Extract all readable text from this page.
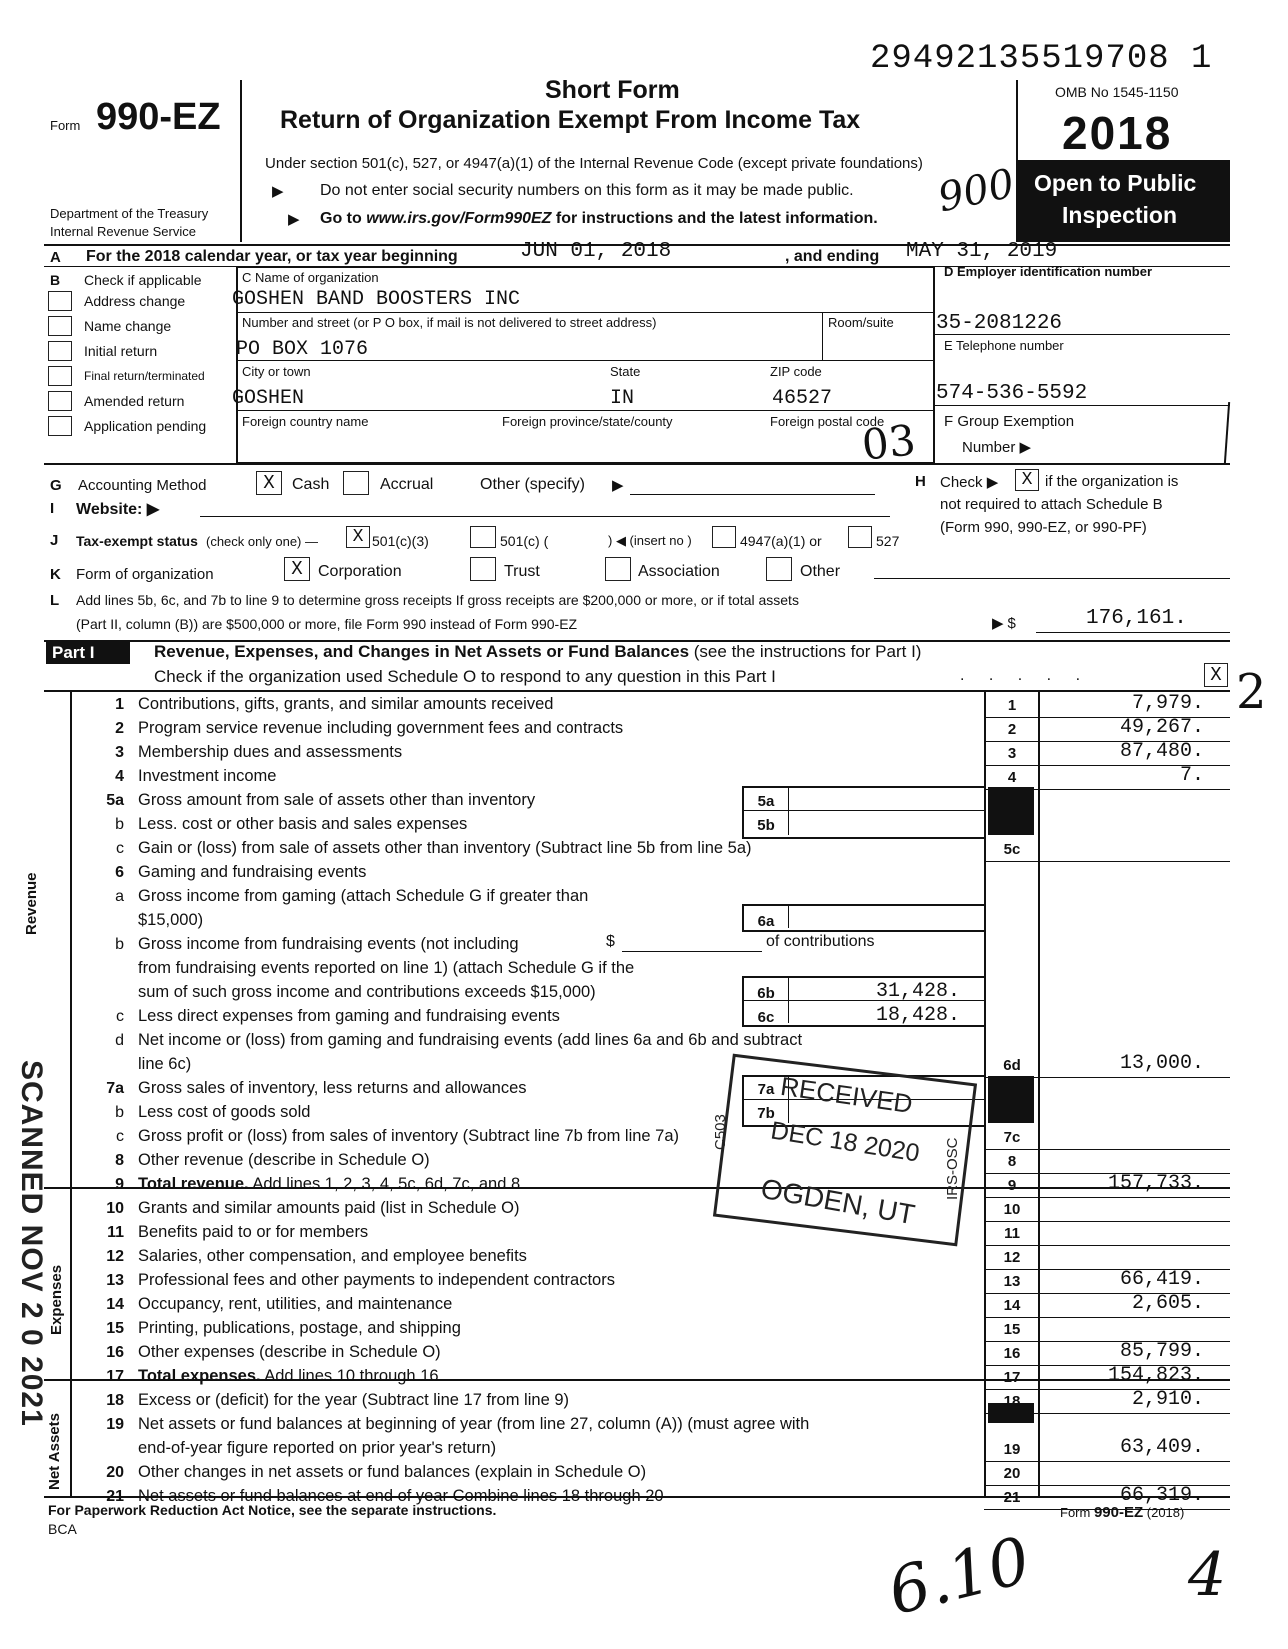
29492135519708 1
Form 990-EZ
Department of the Treasury
Internal Revenue Service
Short Form
Return of Organization Exempt From Income Tax
Under section 501(c), 527, or 4947(a)(1) of the Internal Revenue Code (except private foundations)
▶ Do not enter social security numbers on this form as it may be made public.
▶ Go to www.irs.gov/Form990EZ for instructions and the latest information.
OMB No 1545-1150
2018
Open to Public
Inspection
A For the 2018 calendar year, or tax year beginning	JUN 01, 2018	, and ending MAY 31, 2019
B Check if applicable
Address change
Name change
Initial return
Final return/terminated
Amended return
Application pending
C Name of organization
GOSHEN BAND BOOSTERS INC
Number and street (or P O box, if mail is not delivered to street address)	Room/suite
PO BOX 1076
City or town	State	ZIP code
GOSHEN	IN	46527
Foreign country name	Foreign province/state/county	Foreign postal code
D Employer identification number
35-2081226
E Telephone number
574-536-5592
F Group Exemption
Number ▶
G Accounting Method	X	Cash	Accrual	Other (specify) ▶	H Check ▶	X if the organization is
not required to attach Schedule B
(Form 990, 990-EZ, or 990-PF)
I Website: ▶
J Tax-exempt status (check only one) —	X 501(c)(3)	501(c) (	) ◀ (insert no )	4947(a)(1) or	527
K Form of organization	X Corporation	Trust	Association	Other
L Add lines 5b, 6c, and 7b to line 9 to determine gross receipts If gross receipts are $200,000 or more, or if total assets
(Part II, column (B)) are $500,000 or more, file Form 990 instead of Form 990-EZ	▶ $	176,161.
Part I	Revenue, Expenses, and Changes in Net Assets or Fund Balances (see the instructions for Part I)
Check if the organization used Schedule O to respond to any question in this Part I	. . . . .	X
Revenue
Expenses
Net Assets
$	of contributions
1 Contributions, gifts, grants, and similar amounts received	1	7,979.
2 Program service revenue including government fees and contracts	2	49,267.
3 Membership dues and assessments	3	87,480.
4 Investment income	4	7.
5a Gross amount from sale of assets other than inventory	5a
b Less. cost or other basis and sales expenses	5b
c Gain or (loss) from sale of assets other than inventory (Subtract line 5b from line 5a)	5c
6 Gaming and fundraising events
a Gross income from gaming (attach Schedule G if greater than
$15,000)	6a
b Gross income from fundraising events (not including
from fundraising events reported on line 1) (attach Schedule G if the
sum of such gross income and contributions exceeds $15,000)	6b	31,428.
c Less direct expenses from gaming and fundraising events	6c	18,428.
d Net income or (loss) from gaming and fundraising events (add lines 6a and 6b and subtract
line 6c)	6d	13,000.
7a Gross sales of inventory, less returns and allowances	7a
b Less cost of goods sold	7b
c Gross profit or (loss) from sales of inventory (Subtract line 7b from line 7a)	7c
8 Other revenue (describe in Schedule O)	8
9 Total revenue. Add lines 1, 2, 3, 4, 5c, 6d, 7c, and 8	9	157,733.
10 Grants and similar amounts paid (list in Schedule O)	10
11 Benefits paid to or for members	11
12 Salaries, other compensation, and employee benefits	12
13 Professional fees and other payments to independent contractors	13	66,419.
14 Occupancy, rent, utilities, and maintenance	14	2,605.
15 Printing, publications, postage, and shipping	15
16 Other expenses (describe in Schedule O)	16	85,799.
17 Total expenses. Add lines 10 through 16	17	154,823.
18 Excess or (deficit) for the year (Subtract line 17 from line 9)	18	2,910.
19 Net assets or fund balances at beginning of year (from line 27, column (A)) (must agree with
end-of-year figure reported on prior year's return)	19	63,409.
20 Other changes in net assets or fund balances (explain in Schedule O)	20
21 Net assets or fund balances at end of year Combine lines 18 through 20	21	66,319.
For Paperwork Reduction Act Notice, see the separate instructions.
BCA
Form 990-EZ (2018)
RECEIVED
DEC 18 2020
OGDEN, UT
C503
IRS-OSC
SCANNED NOV 2 0 2021
900
03
2
6.10	4
